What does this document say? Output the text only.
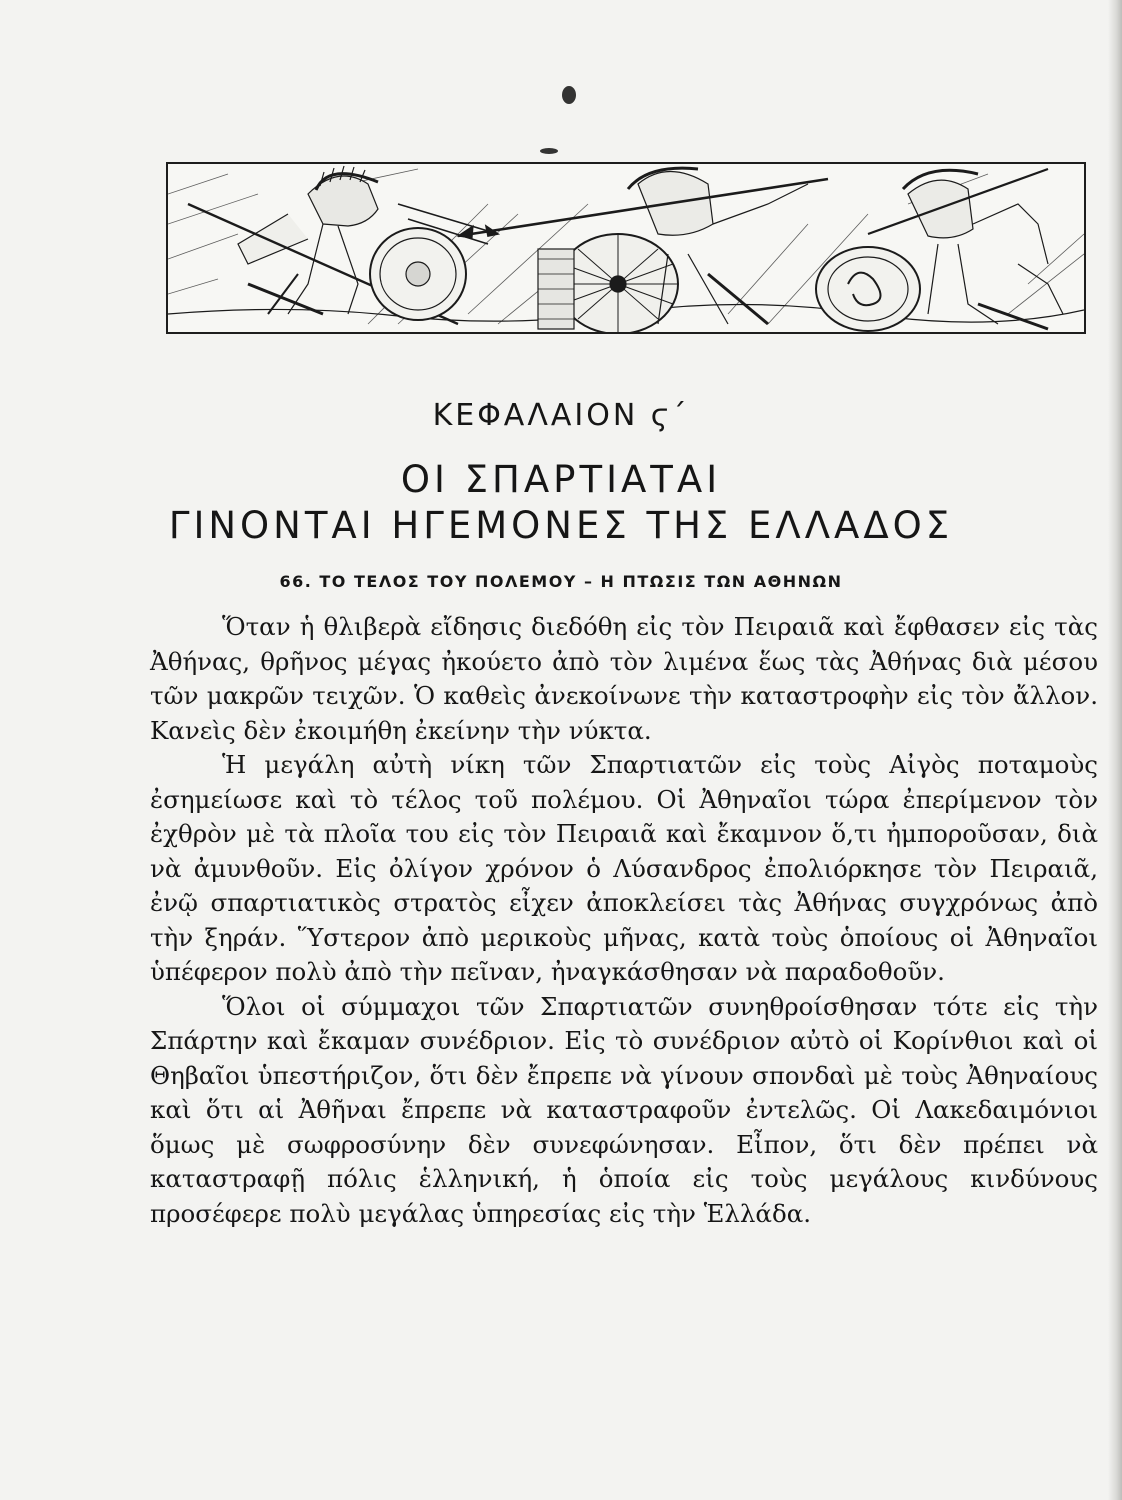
ΚΕΦΑΛΑΙΟΝ ϛ΄
ΟΙ ΣΠΑΡΤΙΑΤΑΙ
ΓΙΝΟΝΤΑΙ ΗΓΕΜΟΝΕΣ ΤΗΣ ΕΛΛΑΔΟΣ
66. ΤΟ ΤΕΛΟΣ ΤΟΥ ΠΟΛΕΜΟΥ – Η ΠΤΩΣΙΣ ΤΩΝ ΑΘΗΝΩΝ

Ὅταν ἡ θλιβερὰ εἴδησις διεδόθη εἰς τὸν Πειραιᾶ καὶ ἔφθασεν εἰς τὰς Ἀθήνας, θρῆνος μέγας ἠκούετο ἀπὸ τὸν λιμένα ἕως τὰς Ἀθήνας διὰ μέσου τῶν μακρῶν τειχῶν. Ὁ καθεὶς ἀνεκοίνωνε τὴν καταστροφὴν εἰς τὸν ἄλλον. Κανεὶς δὲν ἐκοιμήθη ἐκείνην τὴν νύκτα.

Ἡ μεγάλη αὐτὴ νίκη τῶν Σπαρτιατῶν εἰς τοὺς Αἰγὸς ποταμοὺς ἐσημείωσε καὶ τὸ τέλος τοῦ πολέμου. Οἱ Ἀθηναῖοι τώρα ἐπερίμενον τὸν ἐχθρὸν μὲ τὰ πλοῖα του εἰς τὸν Πειραιᾶ καὶ ἔκαμνον ὅ,τι ἠμποροῦσαν, διὰ νὰ ἀμυνθοῦν. Εἰς ὀλίγον χρόνον ὁ Λύσανδρος ἐπολιόρκησε τὸν Πειραιᾶ, ἐνῷ σπαρτιατικὸς στρατὸς εἶχεν ἀποκλείσει τὰς Ἀθήνας συγχρόνως ἀπὸ τὴν ξηράν. Ὕστερον ἀπὸ μερικοὺς μῆνας, κατὰ τοὺς ὁποίους οἱ Ἀθηναῖοι ὑπέφερον πολὺ ἀπὸ τὴν πεῖναν, ἠναγκάσθησαν νὰ παραδοθοῦν.

Ὅλοι οἱ σύμμαχοι τῶν Σπαρτιατῶν συνηθροίσθησαν τότε εἰς τὴν Σπάρτην καὶ ἔκαμαν συνέδριον. Εἰς τὸ συνέδριον αὐτὸ οἱ Κορίνθιοι καὶ οἱ Θηβαῖοι ὑπεστήριζον, ὅτι δὲν ἔπρεπε νὰ γίνουν σπονδαὶ μὲ τοὺς Ἀθηναίους καὶ ὅτι αἱ Ἀθῆναι ἔπρεπε νὰ καταστραφοῦν ἐντελῶς. Οἱ Λακεδαιμόνιοι ὅμως μὲ σωφροσύνην δὲν συνεφώνησαν. Εἶπον, ὅτι δὲν πρέπει νὰ καταστραφῇ πόλις ἑλληνική, ἡ ὁποία εἰς τοὺς μεγάλους κινδύνους προσέφερε πολὺ μεγάλας ὑπηρεσίας εἰς τὴν Ἑλλάδα.
